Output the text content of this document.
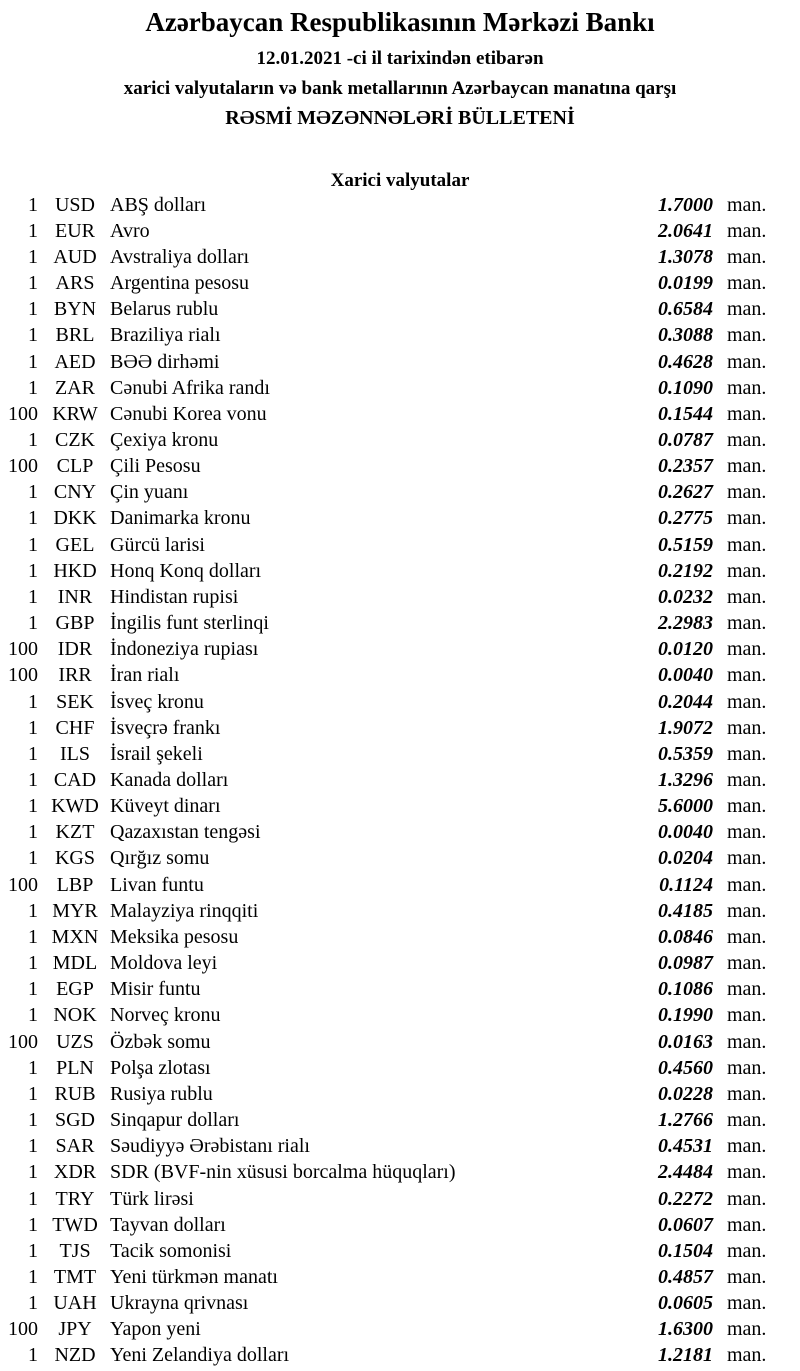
Azərbaycan Respublikasının Mərkəzi Bankı
12.01.2021 -ci il tarixindən etibarən
xarici valyutaların və bank metallarının Azərbaycan manatına qarşı
RƏSMİ MƏZƏNNƏLƏRİ BÜLLETENİ
Xarici valyutalar
1 USD ABŞ dolları	1.7000 man.
1 EUR Avro	2.0641 man.
1 AUD Avstraliya dolları	1.3078 man.
1 ARS Argentina pesosu	0.0199 man.
1 BYN Belarus rublu	0.6584 man.
1 BRL Braziliya rialı	0.3088 man.
1 AED BƏƏ dirhəmi	0.4628 man.
1 ZAR Cənubi Afrika randı	0.1090 man.
100 KRW Cənubi Korea vonu	0.1544 man.
1 CZK Çexiya kronu	0.0787 man.
100 CLP Çili Pesosu	0.2357 man.
1 CNY Çin yuanı	0.2627 man.
1 DKK Danimarka kronu	0.2775 man.
1 GEL Gürcü larisi	0.5159 man.
1 HKD Honq Konq dolları	0.2192 man.
1 INR Hindistan rupisi	0.0232 man.
1 GBP İngilis funt sterlinqi	2.2983 man.
100 IDR İndoneziya rupiası	0.0120 man.
100	IRR İran rialı	0.0040 man.
1 SEK İsveç kronu	0.2044 man.
1 CHF İsveçrə frankı	1.9072 man.
1	ILS	İsrail şekeli	0.5359 man.
1 CAD Kanada dolları	1.3296 man.
1 KWD Küveyt dinarı	5.6000 man.
1 KZT Qazaxıstan tengəsi	0.0040 man.
1 KGS Qırğız somu	0.0204 man.
100 LBP Livan funtu	0.1124 man.
1 MYR Malayziya rinqqiti	0.4185 man.
1 MXN Meksika pesosu	0.0846 man.
1 MDL Moldova leyi	0.0987 man.
1 EGP Misir funtu	0.1086 man.
1 NOK Norveç kronu	0.1990 man.
100 UZS Özbək somu	0.0163 man.
1 PLN Polşa zlotası	0.4560 man.
1 RUB Rusiya rublu	0.0228 man.
1 SGD Sinqapur dolları	1.2766 man.
1 SAR Səudiyyə Ərəbistanı rialı	0.4531 man.
1 XDR SDR (BVF-nin xüsusi borcalma hüquqları)	2.4484 man.
1 TRY Türk lirəsi	0.2272 man.
1 TWD Tayvan dolları	0.0607 man.
1	TJS Tacik somonisi	0.1504 man.
1 TMT Yeni türkmən manatı	0.4857 man.
1 UAH Ukrayna qrivnası	0.0605 man.
100	JPY Yapon yeni	1.6300 man.
1 NZD Yeni Zelandiya dolları	1.2181 man.
